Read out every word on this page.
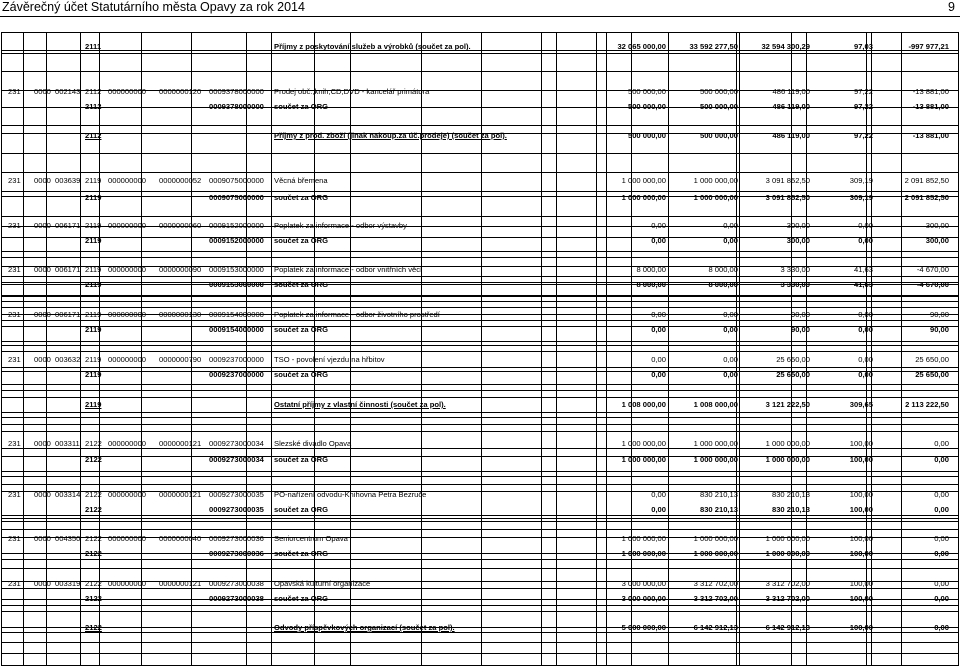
Závěrečný účet Statutárního města Opavy za rok 2014	9
2111	Příjmy z poskytování služeb a výrobků (součet za pol).	32 065 000,00	33 592 277,50	32 594 300,29	97,03	-997 977,21
231	0000 002143 2112 000000000	0000000120	0009378000000	Prodej obč.,knih,CD,DVD - kancelář primátora	500 000,00	500 000,00	486 119,00	97,22	-13 881,00
2112	0009378000000	součet za ORG	500 000,00	500 000,00	486 119,00	97,22	-13 881,00
2112	Příjmy z prod. zboží (jinak nakoup.za úč.prodeje) (součet za pol).	500 000,00	500 000,00	486 119,00	97,22	-13 881,00
231	0000 003639 2119 000000000	0000000052	0009075000000	Věcná břemena	1 000 000,00	1 000 000,00	3 091 852,50	309,19	2 091 852,50
2119	0009075000000	součet za ORG	1 000 000,00	1 000 000,00	3 091 852,50	309,19	2 091 852,50
231	0000 006171 2119 000000000	0000000060	0009152000000	Poplatek za informace - odbor výstavby	0,00	0,00	300,00	0,00	300,00
2119	0009152000000	součet za ORG	0,00	0,00	300,00	0,00	300,00
231	0000 006171 2119 000000000	0000000090	0009153000000	Poplatek za informace - odbor vnitřních věcí	8 000,00	8 000,00	3 330,00	41,63	-4 670,00
2119	0009153000000	součet za ORG	8 000,00	8 000,00	3 330,00	41,63	-4 670,00
231	0000 006171 2119 000000000	0000000130	0009154000000	Poplatek za informace - odbor životního prostředí	0,00	0,00	90,00	0,00	90,00
2119	0009154000000	součet za ORG	0,00	0,00	90,00	0,00	90,00
231	0000 003632 2119 000000000	0000000790	0009237000000	TSO - povolení vjezdu na hřbitov	0,00	0,00	25 650,00	0,00	25 650,00
2119	0009237000000	součet za ORG	0,00	0,00	25 650,00	0,00	25 650,00
2119	Ostatní příjmy z vlastní činnosti (součet za pol).	1 008 000,00	1 008 000,00	3 121 222,50	309,65	2 113 222,50
231	0000 003311 2122 000000000	0000000121	0009273000034	Slezské divadlo Opava	1 000 000,00	1 000 000,00	1 000 000,00	100,00	0,00
2122	0009273000034	součet za ORG	1 000 000,00	1 000 000,00	1 000 000,00	100,00	0,00
231	0000 003314 2122 000000000	0000000121	0009273000035	PO-nařízení odvodu-Knihovna Petra Bezruče	0,00	830 210,13	830 210,13	100,00	0,00
2122	0009273000035	součet za ORG	0,00	830 210,13	830 210,13	100,00	0,00
231	0000 004350 2122 000000000	0000000040	0009273000036	Seniorcentrum Opava	1 000 000,00	1 000 000,00	1 000 000,00	100,00	0,00
2122	0009273000036	součet za ORG	1 000 000,00	1 000 000,00	1 000 000,00	100,00	0,00
231	0000 003319 2122 000000000	0000000121	0009273000038	Opavská kulturní organizace	3 000 000,00	3 312 702,00	3 312 702,00	100,00	0,00
2122	0009273000038	součet za ORG	3 000 000,00	3 312 702,00	3 312 702,00	100,00	0,00
2122	Odvody příspěvkových organizací (součet za pol).	5 000 000,00	6 142 912,13	6 142 912,13	100,00	0,00
